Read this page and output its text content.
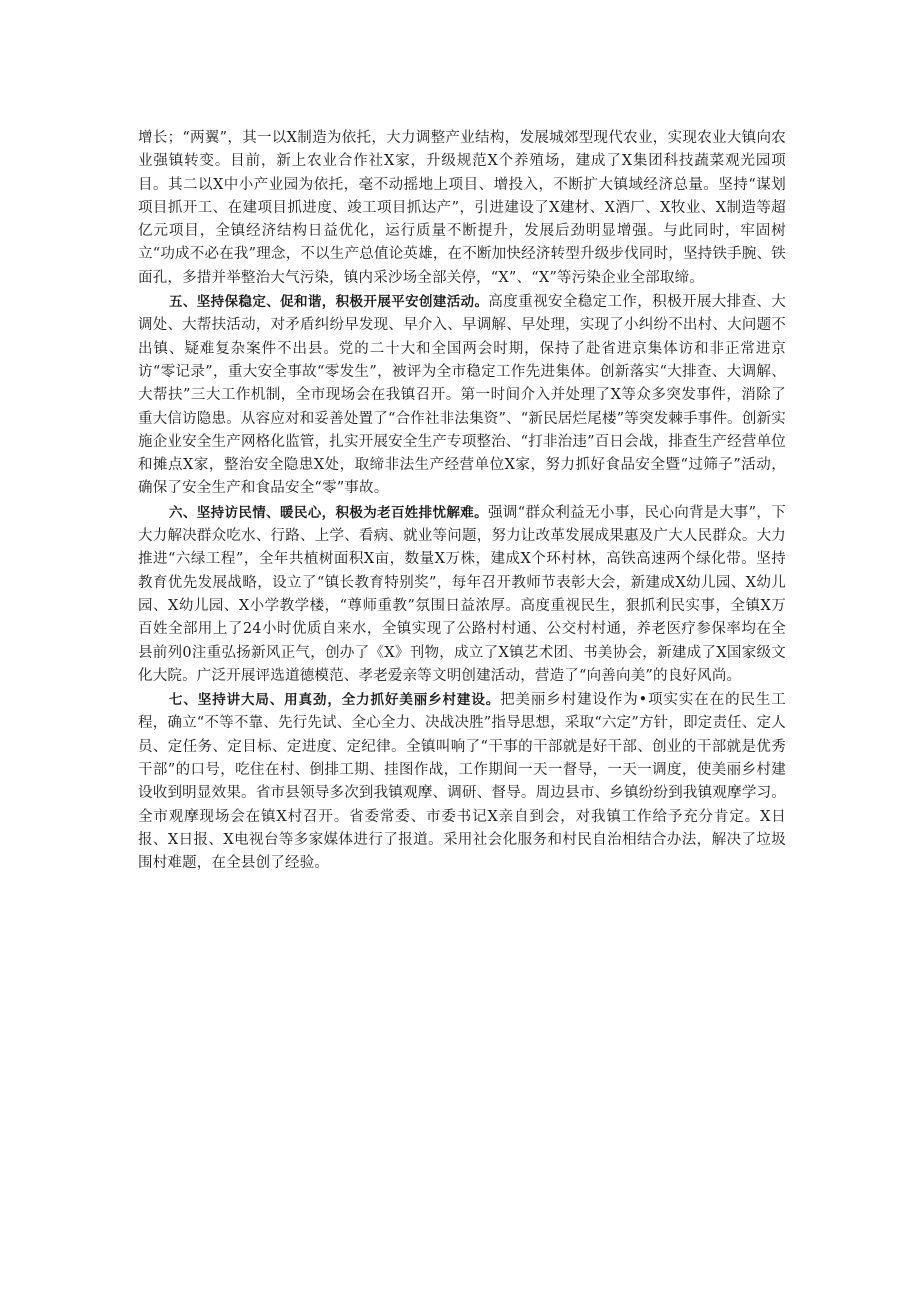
增长；“两翼”，其一以X制造为依托，大力调整产业结构，发展城郊型现代农业，实现农业大镇向农业强镇转变。目前，新上农业合作社X家，升级规范X个养殖场，建成了X集团科技蔬菜观光园项目。其二以X中小产业园为依托，毫不动摇地上项目、增投入，不断扩大镇域经济总量。坚持“谋划项目抓开工、在建项目抓进度、竣工项目抓达产”，引进建设了X建材、X酒厂、X牧业、X制造等超亿元项目，全镇经济结构日益优化，运行质量不断提升，发展后劲明显增强。与此同时，牢固树立“功成不必在我”理念，不以生产总值论英雄，在不断加快经济转型升级步伐同时，坚持铁手腕、铁面孔，多措并举整治大气污染，镇内采沙场全部关停，“X”、“X”等污染企业全部取缔。

五、坚持保稳定、促和谐，积极开展平安创建活动。高度重视安全稳定工作，积极开展大排查、大调处、大帮扶活动，对矛盾纠纷早发现、早介入、早调解、早处理，实现了小纠纷不出村、大问题不出镇、疑难复杂案件不出县。党的二十大和全国两会时期，保持了赴省进京集体访和非正常进京访“零记录”，重大安全事故“零发生”，被评为全市稳定工作先进集体。创新落实“大排查、大调解、大帮扶”三大工作机制，全市现场会在我镇召开。第一时间介入并处理了X等众多突发事件，消除了重大信访隐患。从容应对和妥善处置了“合作社非法集资”、“新民居烂尾楼”等突发棘手事件。创新实施企业安全生产网格化监管，扎实开展安全生产专项整治、“打非治违”百日会战，排查生产经营单位和摊点X家，整治安全隐患X处，取缔非法生产经营单位X家，努力抓好食品安全暨“过筛子”活动，确保了安全生产和食品安全“零”事故。

六、坚持访民情、暖民心，积极为老百姓排忧解难。强调“群众利益无小事，民心向背是大事”，下大力解决群众吃水、行路、上学、看病、就业等问题，努力让改革发展成果惠及广大人民群众。大力推进“六绿工程”，全年共植树面积X亩，数量X万株，建成X个环村林，高铁高速两个绿化带。坚持教育优先发展战略，设立了“镇长教育特别奖”，每年召开教师节表彰大会，新建成X幼儿园、X幼儿园、X幼儿园、X小学教学楼，“尊师重教”氛围日益浓厚。高度重视民生，狠抓利民实事，全镇X万百姓全部用上了24小时优质自来水，全镇实现了公路村村通、公交村村通，养老医疗参保率均在全县前列0注重弘扬新风正气，创办了《X》刊物，成立了X镇艺术团、书美协会，新建成了X国家级文化大院。广泛开展评选道德模范、孝老爱亲等文明创建活动，营造了“向善向美”的良好风尚。

七、坚持讲大局、用真劲，全力抓好美丽乡村建设。把美丽乡村建设作为•项实实在在的民生工程，确立“不等不靠、先行先试、全心全力、决战决胜”指导思想，采取“六定”方针，即定责任、定人员、定任务、定目标、定进度、定纪律。全镇叫响了“干事的干部就是好干部、创业的干部就是优秀干部”的口号，吃住在村、倒排工期、挂图作战，工作期间一天一督导，一天一调度，使美丽乡村建设收到明显效果。省市县领导多次到我镇观摩、调研、督导。周边县市、乡镇纷纷到我镇观摩学习。全市观摩现场会在镇X村召开。省委常委、市委书记X亲自到会，对我镇工作给予充分肯定。X日报、X日报、X电视台等多家媒体进行了报道。采用社会化服务和村民自治相结合办法，解决了垃圾围村难题，在全县创了经验。
